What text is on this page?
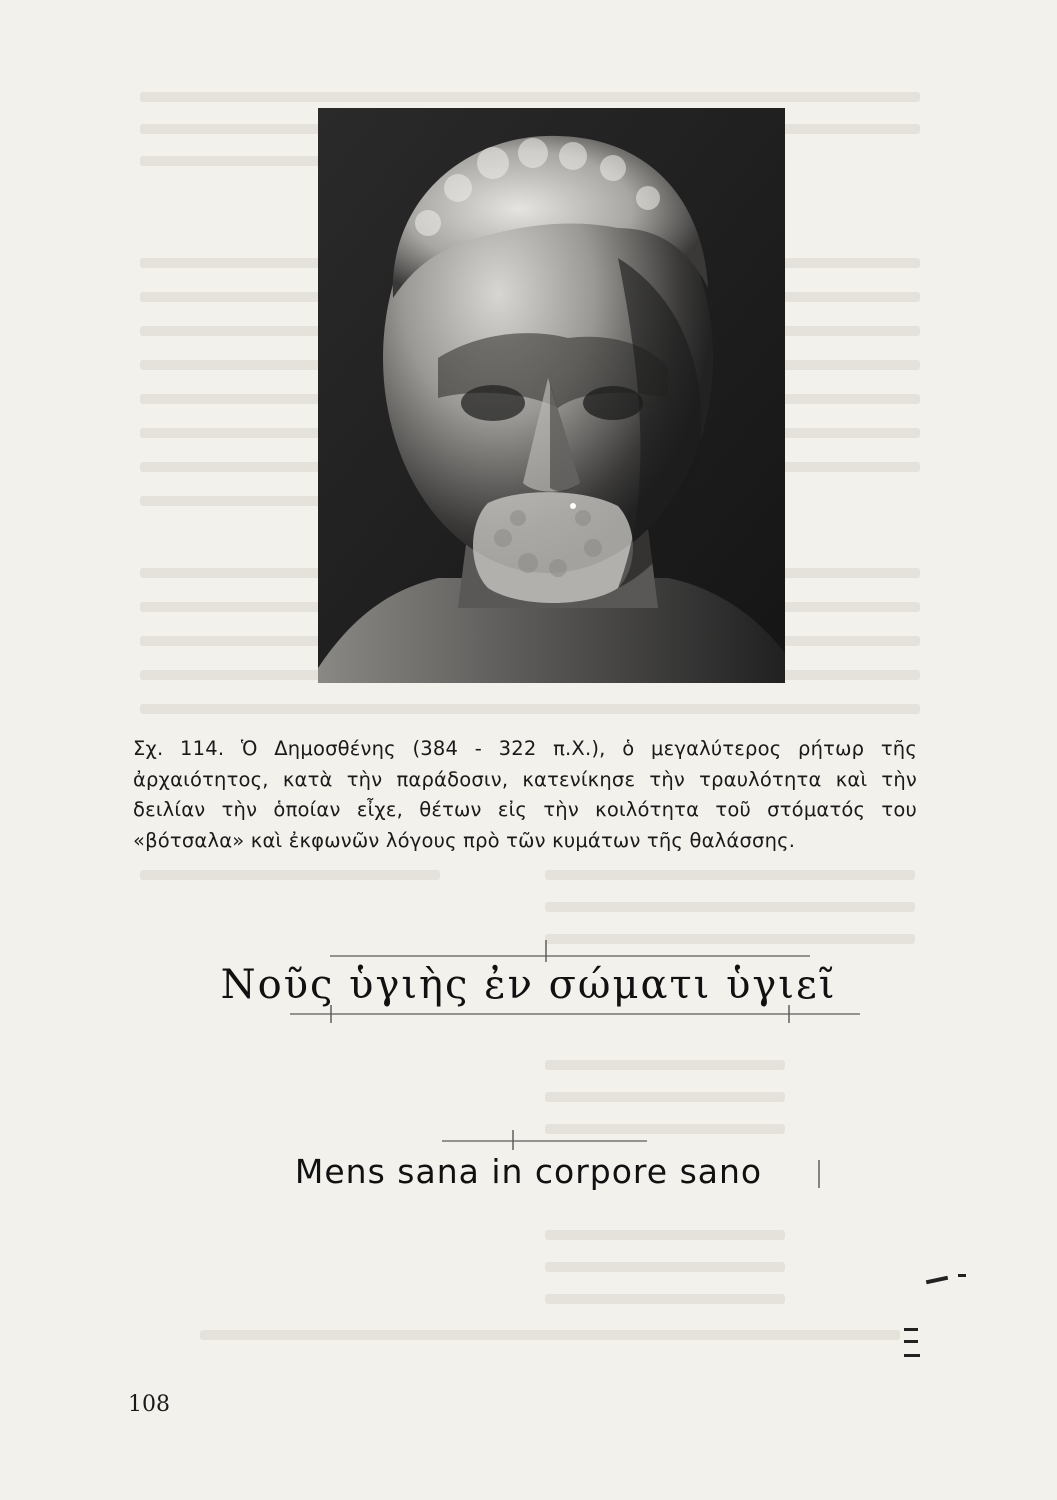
Σχ. 114. Ὁ Δημοσθένης (384 - 322 π.Χ.), ὁ μεγαλύτερος ρήτωρ τῆς ἀρχαιότητος, κατὰ τὴν παράδοσιν, κατενίκησε τὴν τραυλότητα καὶ τὴν δειλίαν τὴν ὁποίαν εἶχε, θέτων εἰς τὴν κοιλότητα τοῦ στόματός του «βότσαλα» καὶ ἐκφωνῶν λόγους πρὸ τῶν κυμάτων τῆς θαλάσσης.
Νοῦς ὑγιὴς ἐν σώματι ὑγιεῖ
Mens sana in corpore sano
108
